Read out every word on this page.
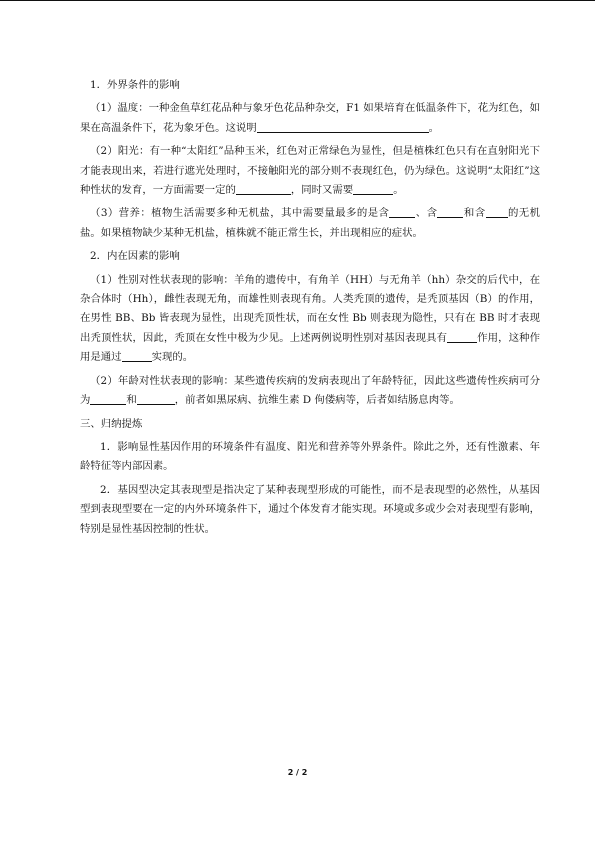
1．外界条件的影响

（1）温度：一种金鱼草红花品种与象牙色花品种杂交，F1 如果培育在低温条件下，花为红色，如果在高温条件下，花为象牙色。这说明	。

（2）阳光：有一种“太阳红”品种玉米，红色对正常绿色为显性，但是植株红色只有在直射阳光下才能表现出来，若进行遮光处理时，不接触阳光的部分则不表现红色，仍为绿色。这说明“太阳红”这种性状的发育，一方面需要一定的	，同时又需要	。

（3）营养：植物生活需要多种无机盐，其中需要量最多的是含	、含	和含 的无机盐。如果植物缺少某种无机盐，植株就不能正常生长，并出现相应的症状。

2．内在因素的影响

（1）性别对性状表现的影响：羊角的遗传中，有角羊（HH）与无角羊（hh）杂交的后代中，在杂合体时（Hh），雌性表现无角，而雄性则表现有角。人类秃顶的遗传，是秃顶基因（B）的作用，在男性 BB、Bb 皆表现为显性，出现秃顶性状，而在女性 Bb 则表现为隐性，只有在 BB 时才表现出秃顶性状，因此，秃顶在女性中极为少见。上述两例说明性别对基因表现具有	作用，这种作用是通过	实现的。

（2）年龄对性状表现的影响：某些遗传疾病的发病表现出了年龄特征，因此这些遗传性疾病可分为	和	，前者如黑尿病、抗维生素 D 佝偻病等，后者如结肠息肉等。

三、归纳提炼

1．影响显性基因作用的环境条件有温度、阳光和营养等外界条件。除此之外，还有性激素、年龄特征等内部因素。

2．基因型决定其表现型是指决定了某种表现型形成的可能性，而不是表现型的必然性，从基因型到表现型要在一定的内外环境条件下，通过个体发育才能实现。环境或多或少会对表现型有影响，特别是显性基因控制的性状。

2 / 2
